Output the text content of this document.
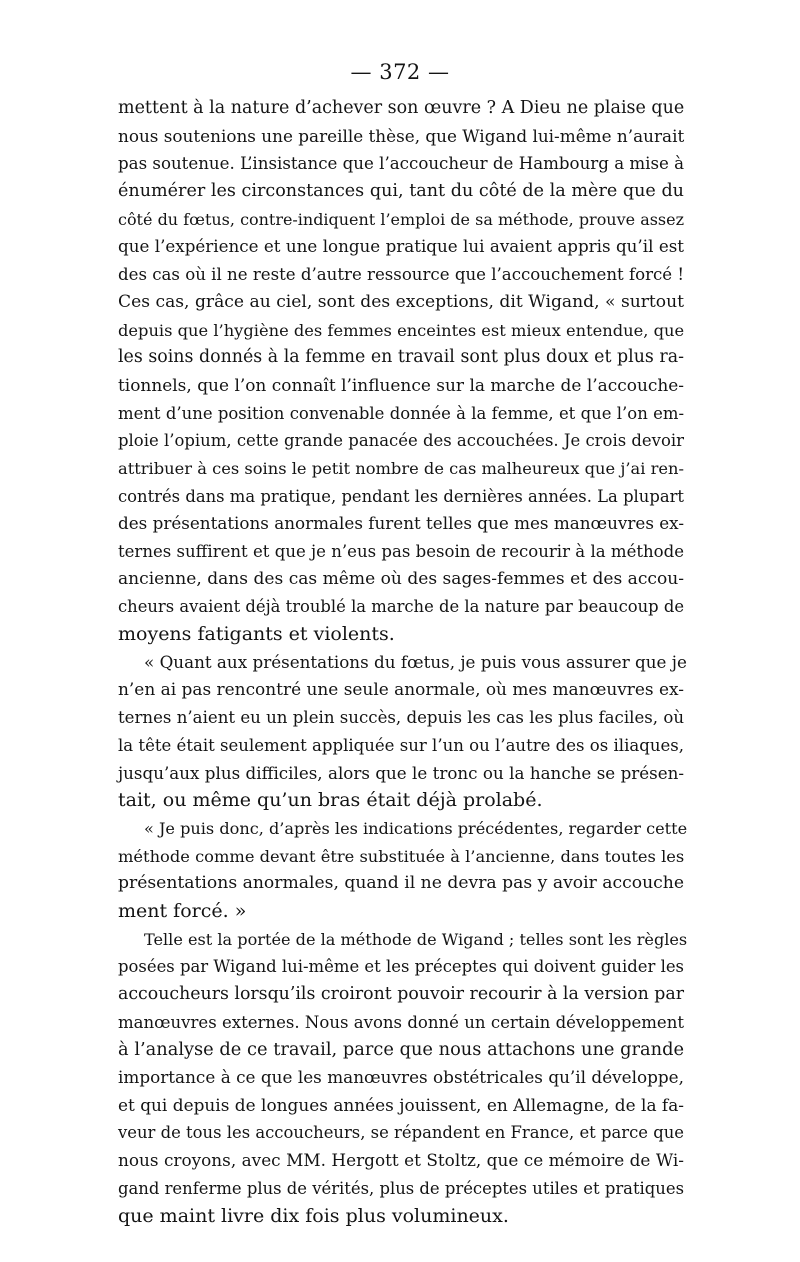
— 372 —
mettent à la nature d’achever son œuvre ? A Dieu ne plaise que
nous soutenions une pareille thèse, que Wigand lui-même n’aurait
pas soutenue. L’insistance que l’accoucheur de Hambourg a mise à
énumérer les circonstances qui, tant du côté de la mère que du
côté du fœtus, contre-indiquent l’emploi de sa méthode, prouve assez
que l’expérience et une longue pratique lui avaient appris qu’il est
des cas où il ne reste d’autre ressource que l’accouchement forcé !
Ces cas, grâce au ciel, sont des exceptions, dit Wigand, « surtout
depuis que l’hygiène des femmes enceintes est mieux entendue, que
les soins donnés à la femme en travail sont plus doux et plus ra-
tionnels, que l’on connaît l’influence sur la marche de l’accouche-
ment d’une position convenable donnée à la femme, et que l’on em-
ploie l’opium, cette grande panacée des accouchées. Je crois devoir
attribuer à ces soins le petit nombre de cas malheureux que j’ai ren-
contrés dans ma pratique, pendant les dernières années. La plupart
des présentations anormales furent telles que mes manœuvres ex-
ternes suffirent et que je n’eus pas besoin de recourir à la méthode
ancienne, dans des cas même où des sages-femmes et des accou-
cheurs avaient déjà troublé la marche de la nature par beaucoup de
moyens fatigants et violents.
« Quant aux présentations du fœtus, je puis vous assurer que je
n’en ai pas rencontré une seule anormale, où mes manœuvres ex-
ternes n’aient eu un plein succès, depuis les cas les plus faciles, où
la tête était seulement appliquée sur l’un ou l’autre des os iliaques,
jusqu’aux plus difficiles, alors que le tronc ou la hanche se présen-
tait, ou même qu’un bras était déjà prolabé.
« Je puis donc, d’après les indications précédentes, regarder cette
méthode comme devant être substituée à l’ancienne, dans toutes les
présentations anormales, quand il ne devra pas y avoir accouche
ment forcé. »
Telle est la portée de la méthode de Wigand ; telles sont les règles
posées par Wigand lui-même et les préceptes qui doivent guider les
accoucheurs lorsqu’ils croiront pouvoir recourir à la version par
manœuvres externes. Nous avons donné un certain développement
à l’analyse de ce travail, parce que nous attachons une grande
importance à ce que les manœuvres obstétricales qu’il développe,
et qui depuis de longues années jouissent, en Allemagne, de la fa-
veur de tous les accoucheurs, se répandent en France, et parce que
nous croyons, avec MM. Hergott et Stoltz, que ce mémoire de Wi-
gand renferme plus de vérités, plus de préceptes utiles et pratiques
que maint livre dix fois plus volumineux.
